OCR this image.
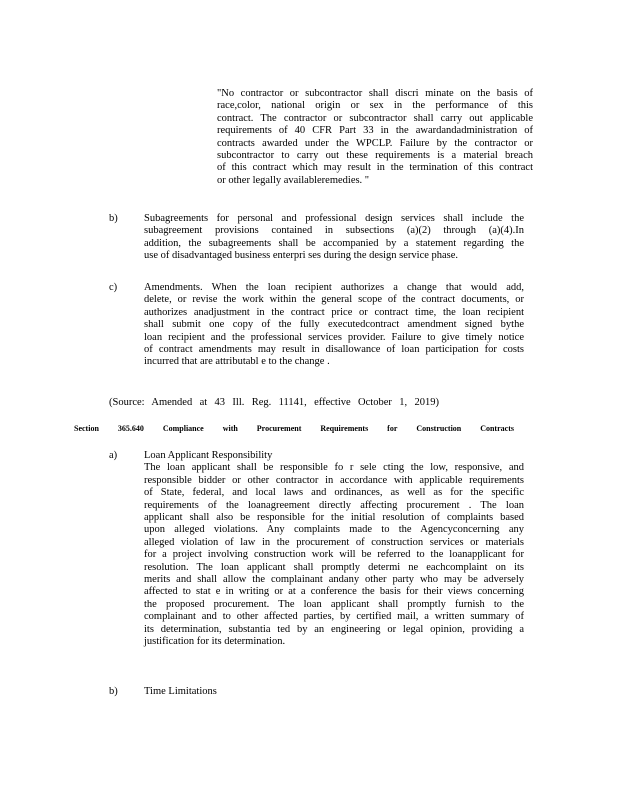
"No contractor or subcontractor shall discri minate on the basis of
race,color, national origin or sex in the performance of this
contract. The contractor or subcontractor shall carry out applicable
requirements of 40 CFR Part 33 in the awardandadministration of
contracts awarded under the WPCLP. Failure by the contractor or
subcontractor to carry out these requirements is a material breach
of this contract which may result in the termination of this contract
or other legally availableremedies. "
b)	Subagreements for personal and professional design services shall include the
subagreement provisions contained in subsections (a)(2) through (a)(4).In
addition, the subagreements shall be accompanied by a statement regarding the
use of disadvantaged business enterpri ses during the design service phase.
c)	Amendments. When the loan recipient authorizes a change that would add,
delete, or revise the work within the general scope of the contract documents, or
authorizes anadjustment in the contract price or contract time, the loan recipient
shall submit one copy of the fully executedcontract amendment signed bythe
loan recipient and the professional services provider. Failure to give timely notice
of contract amendments may result in disallowance of loan participation for costs
incurred that are attributabl e to the change .
(Source: Amended at 43 Ill. Reg. 11141, effective October 1, 2019)
Section 365.640 Compliance with Procurement Requirements for Construction Contracts
a)	Loan Applicant Responsibility
The loan applicant shall be responsible fo r sele cting the low, responsive, and
responsible bidder or other contractor in accordance with applicable requirements
of State, federal, and local laws and ordinances, as well as for the specific
requirements of the loanagreement directly affecting procurement . The loan
applicant shall also be responsible for the initial resolution of complaints based
upon alleged violations. Any complaints made to the Agencyconcerning any
alleged violation of law in the procurement of construction services or materials
for a project involving construction work will be referred to the loanapplicant for
resolution. The loan applicant shall promptly determi ne eachcomplaint on its
merits and shall allow the complainant andany other party who may be adversely
affected to stat e in writing or at a conference the basis for their views concerning
the proposed procurement. The loan applicant shall promptly furnish to the
complainant and to other affected parties, by certified mail, a written summary of
its determination, substantia ted by an engineering or legal opinion, providing a
justification for its determination.
b)	Time Limitations
